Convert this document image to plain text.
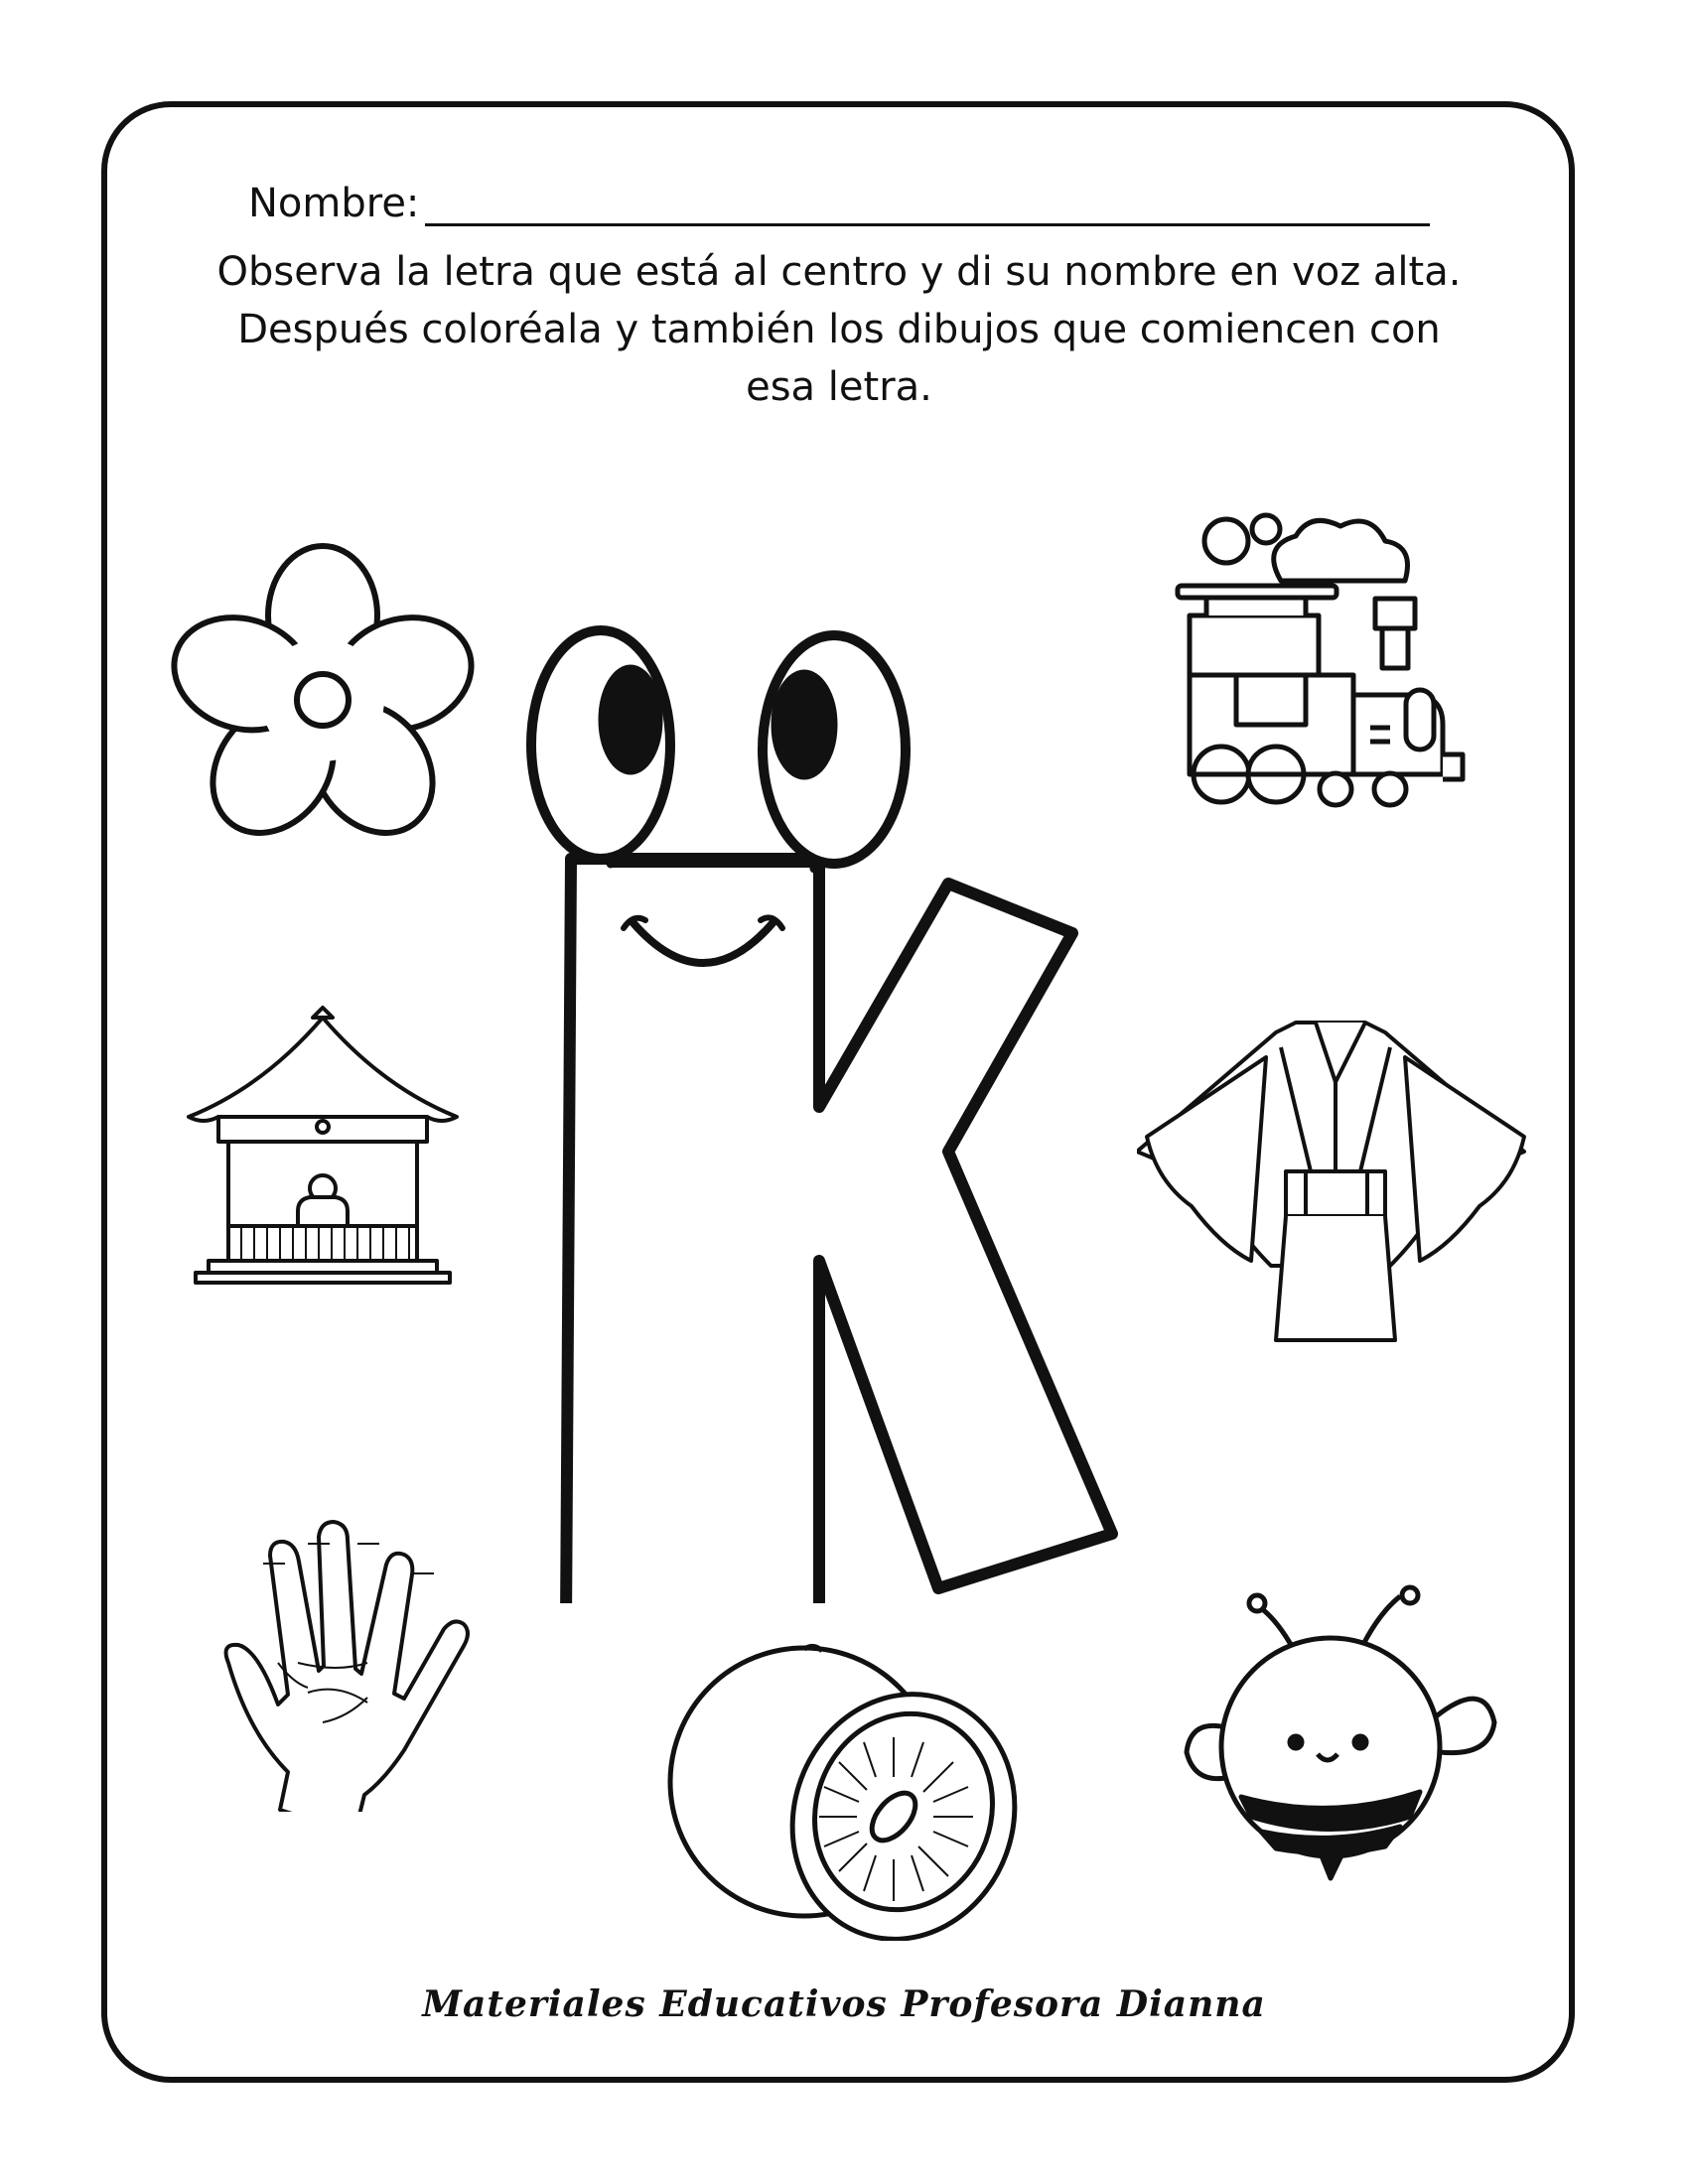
Nombre:
Observa la letra que está al centro y di su nombre en voz alta.
Después coloréala y también los dibujos que comiencen con
esa letra.
Materiales Educativos Profesora Dianna
